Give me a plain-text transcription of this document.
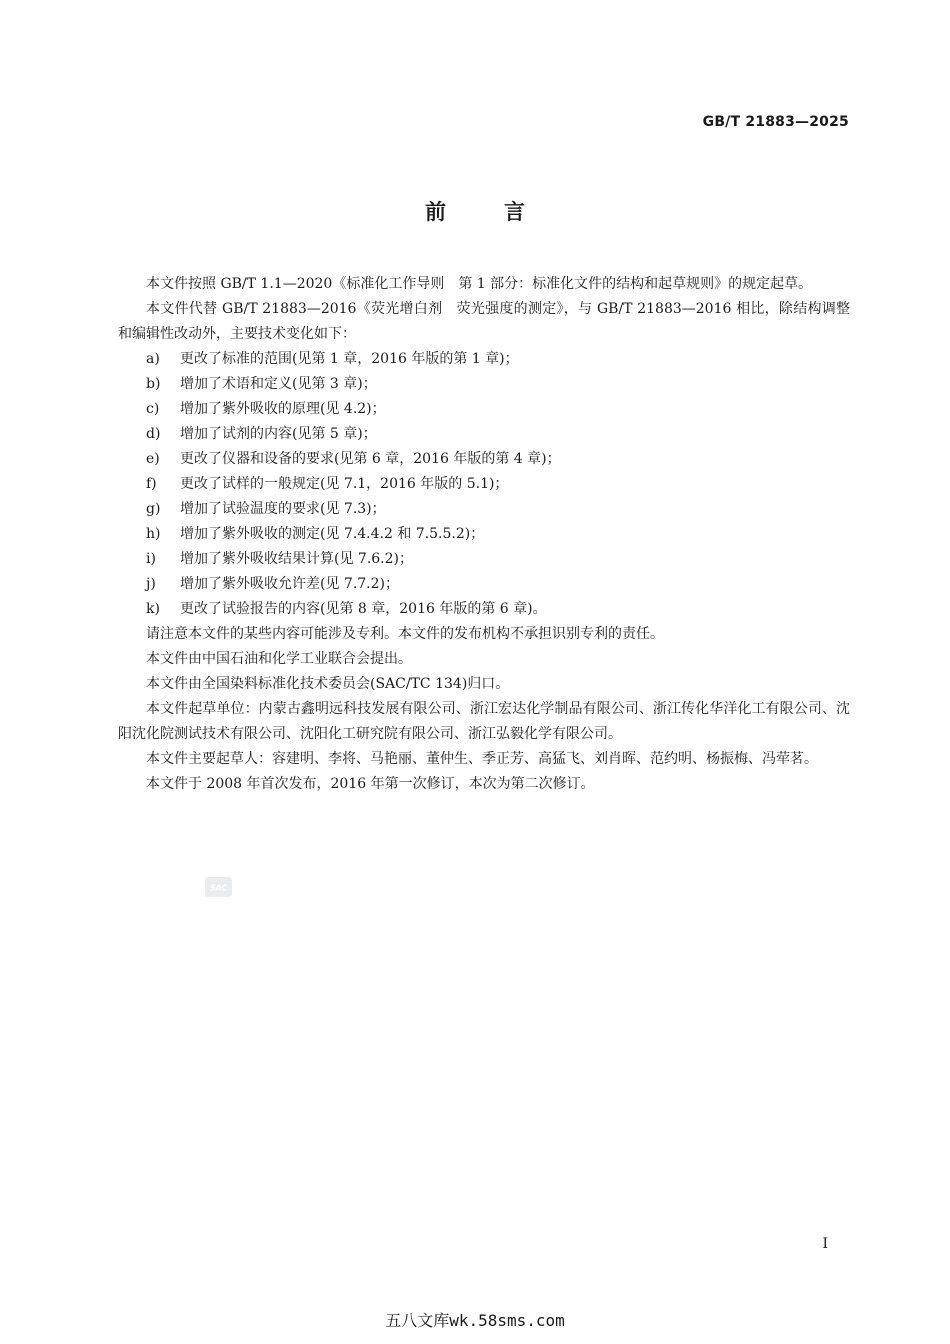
GB/T 21883—2025
前言

本文件按照 GB/T 1.1—2020《标准化工作导则　第 1 部分：标准化文件的结构和起草规则》的规定起草。

本文件代替 GB/T 21883—2016《荧光增白剂　荧光强度的测定》，与 GB/T 21883—2016 相比，除结构调整和编辑性改动外，主要技术变化如下：

a)	更改了标准的范围(见第 1 章，2016 年版的第 1 章)；

b)	增加了术语和定义(见第 3 章)；

c)	增加了紫外吸收的原理(见 4.2)；

d)	增加了试剂的内容(见第 5 章)；

e)	更改了仪器和设备的要求(见第 6 章，2016 年版的第 4 章)；

f)	更改了试样的一般规定(见 7.1，2016 年版的 5.1)；

g)	增加了试验温度的要求(见 7.3)；

h)	增加了紫外吸收的测定(见 7.4.4.2 和 7.5.5.2)；

i)	增加了紫外吸收结果计算(见 7.6.2)；

j)	增加了紫外吸收允许差(见 7.7.2)；

k)	更改了试验报告的内容(见第 8 章，2016 年版的第 6 章)。

请注意本文件的某些内容可能涉及专利。本文件的发布机构不承担识别专利的责任。

本文件由中国石油和化学工业联合会提出。

本文件由全国染料标准化技术委员会(SAC/TC 134)归口。

本文件起草单位：内蒙古鑫明远科技发展有限公司、浙江宏达化学制品有限公司、浙江传化华洋化工有限公司、沈阳沈化院测试技术有限公司、沈阳化工研究院有限公司、浙江弘毅化学有限公司。

本文件主要起草人：容建明、李将、马艳丽、董仲生、季正芳、高猛飞、刘肖晖、范约明、杨振梅、冯荦茗。

本文件于 2008 年首次发布，2016 年第一次修订，本次为第二次修订。

SAC
I
五八文库wk.58sms.com
